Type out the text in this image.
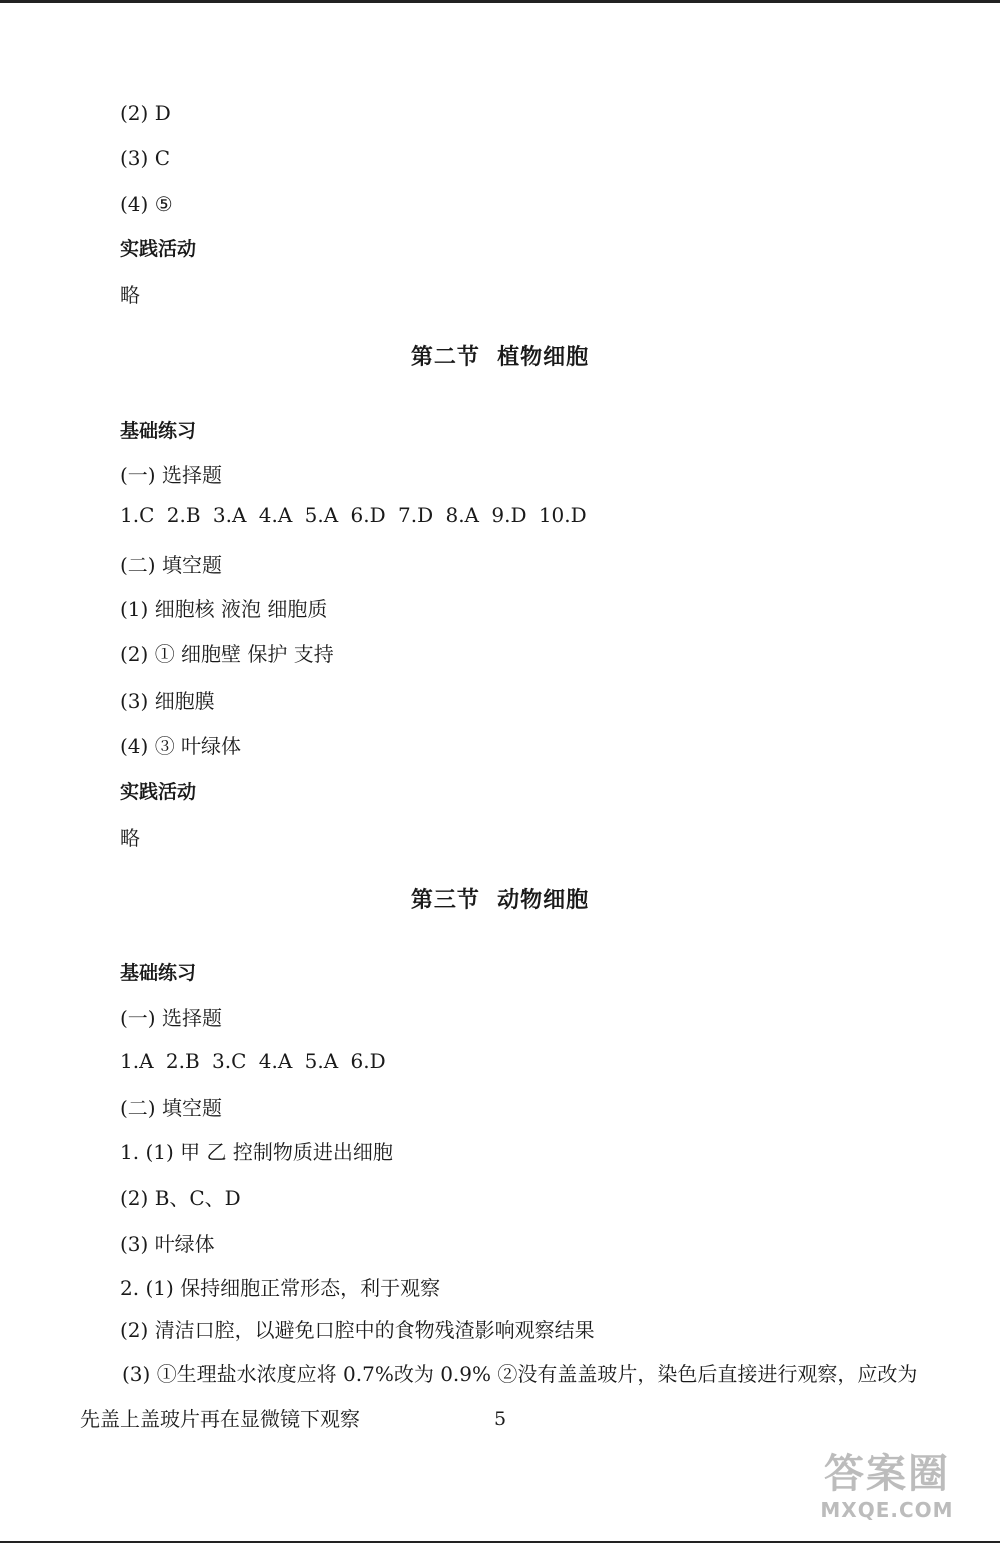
(2) D
(3) C
(4) ⑤
实践活动
略
第二节  植物细胞
基础练习
(一) 选择题
1.C 2.B 3.A 4.A 5.A 6.D 7.D 8.A 9.D 10.D
(二) 填空题
(1) 细胞核 液泡 细胞质
(2) ① 细胞壁 保护 支持
(3) 细胞膜
(4) ③ 叶绿体
实践活动
略
第三节  动物细胞
基础练习
(一) 选择题
1.A 2.B 3.C 4.A 5.A 6.D
(二) 填空题
1. (1) 甲 乙 控制物质进出细胞
(2) B、C、D
(3) 叶绿体
2. (1) 保持细胞正常形态，利于观察
(2) 清洁口腔，以避免口腔中的食物残渣影响观察结果
(3) ①生理盐水浓度应将 0.7%改为 0.9% ②没有盖盖玻片，染色后直接进行观察，应改为先盖上盖玻片再在显微镜下观察	5
答案圈
MXQE.COM
